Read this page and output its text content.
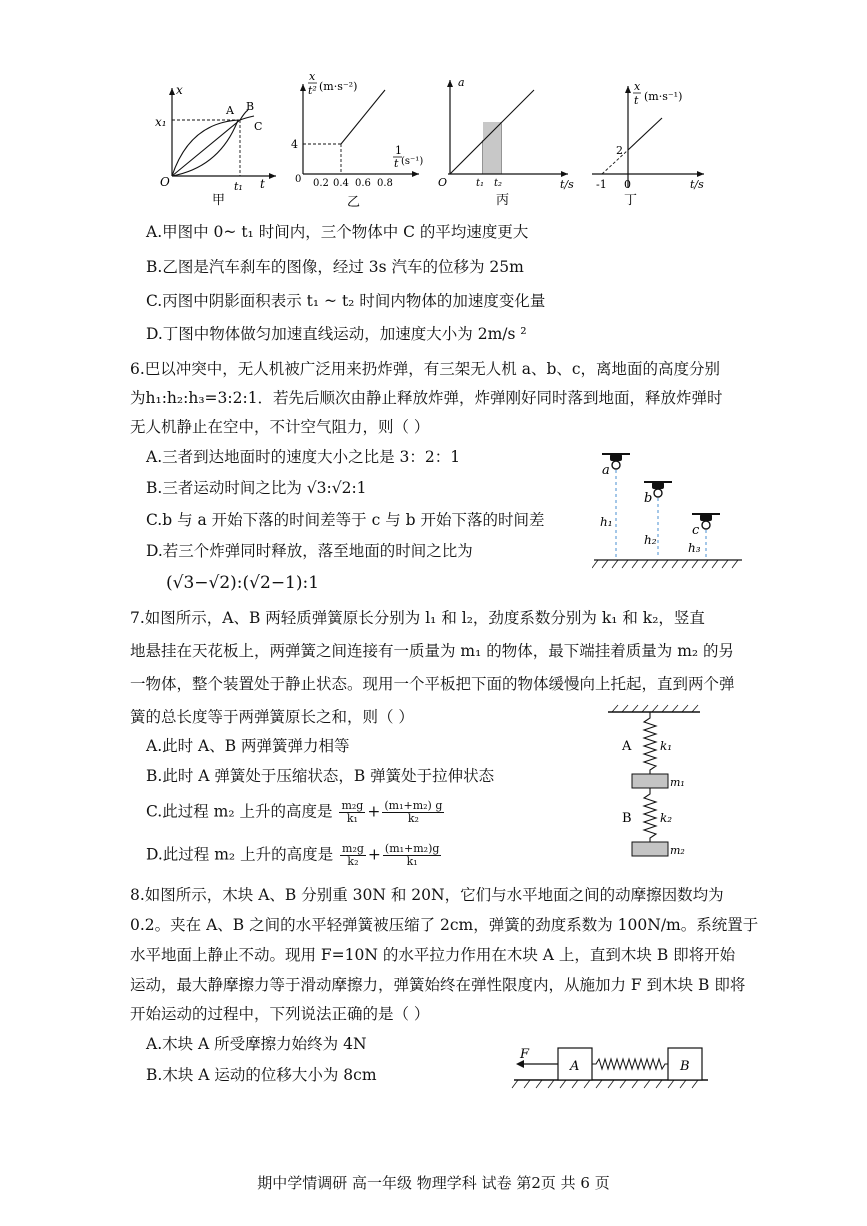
x
t
O
x₁
t₁
A B
C
甲
x
t² (m·s⁻²)
4
0 0.2 0.4 0.6 0.8
1
t (s⁻¹)
乙
a
t/s
O	t₁ t₂
丙
x
t (m·s⁻¹)
2
-1 0	t/s
丁
A.甲图中 0~ t₁ 时间内，三个物体中 C 的平均速度更大
B.乙图是汽车刹车的图像，经过 3s 汽车的位移为 25m
C.丙图中阴影面积表示 t₁ ~ t₂ 时间内物体的加速度变化量
D.丁图中物体做匀加速直线运动，加速度大小为 2m/s ²
6.巴以冲突中，无人机被广泛用来扔炸弹，有三架无人机 a、b、c，离地面的高度分别
为h₁:h₂:h₃=3:2:1．若先后顺次由静止释放炸弹，炸弹刚好同时落到地面，释放炸弹时
无人机静止在空中，不计空气阻力，则（ ）
A.三者到达地面时的速度大小之比是 3：2：1
B.三者运动时间之比为 √3:√2:1
C.b 与 a 开始下落的时间差等于 c 与 b 开始下落的时间差
D.若三个炸弹同时释放，落至地面的时间之比为
(√3−√2):(√2−1):1
a
b
c
h₁
h₂
h₃
7.如图所示，A、B 两轻质弹簧原长分别为 l₁ 和 l₂，劲度系数分别为 k₁ 和 k₂，竖直
地悬挂在天花板上，两弹簧之间连接有一质量为 m₁ 的物体，最下端挂着质量为 m₂ 的另
一物体，整个装置处于静止状态。现用一个平板把下面的物体缓慢向上托起，直到两个弹
簧的总长度等于两弹簧原长之和，则（ ）
A.此时 A、B 两弹簧弹力相等
B.此时 A 弹簧处于压缩状态，B 弹簧处于拉伸状态
C.此过程 m₂ 上升的高度是 $\frac{\text{m₂g}}{\text{k₁}} + \frac{\text{(m₁+m₂) g}}{\text{k₂}}$
D.此过程 m₂ 上升的高度是 $\frac{\text{m₂g}}{\text{k₂}} + \frac{\text{(m₁+m₂)g}}{\text{k₁}}$
A k₁
m₁
B k₂
m₂
8.如图所示，木块 A、B 分别重 30N 和 20N，它们与水平地面之间的动摩擦因数均为
0.2。夹在 A、B 之间的水平轻弹簧被压缩了 2cm，弹簧的劲度系数为 100N/m。系统置于
水平地面上静止不动。现用 F=10N 的水平拉力作用在木块 A 上，直到木块 B 即将开始
运动，最大静摩擦力等于滑动摩擦力，弹簧始终在弹性限度内，从施加力 F 到木块 B 即将
开始运动的过程中，下列说法正确的是（ ）
A.木块 A 所受摩擦力始终为 4N
B.木块 A 运动的位移大小为 8cm
F
A	B
期中学情调研 高一年级 物理学科 试卷 第2页 共 6 页
